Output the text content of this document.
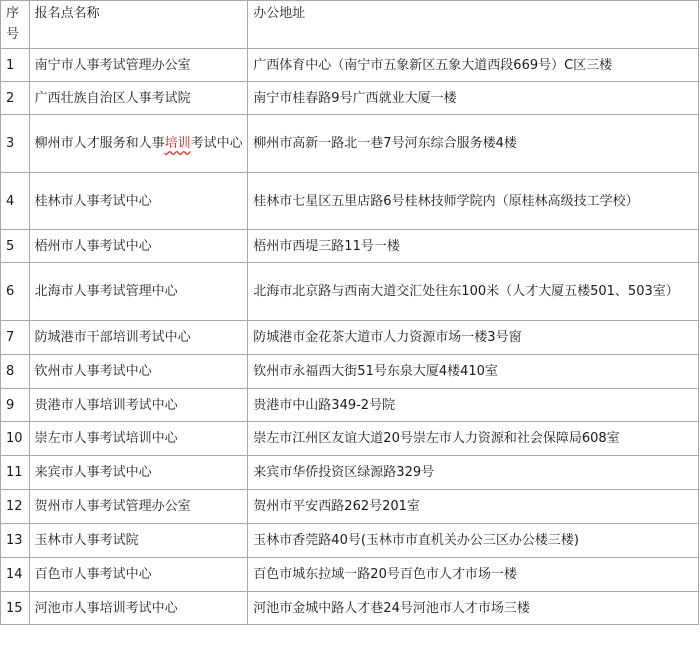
序号	报名点名称	办公地址
1	南宁市人事考试管理办公室	广西体育中心（南宁市五象新区五象大道西段669号）C区三楼
2	广西壮族自治区人事考试院	南宁市桂春路9号广西就业大厦一楼
3	柳州市人才服务和人事培训考试中心	柳州市高新一路北一巷7号河东综合服务楼4楼
4	桂林市人事考试中心	桂林市七星区五里店路6号桂林技师学院内（原桂林高级技工学校）
5	梧州市人事考试中心	梧州市西堤三路11号一楼
6	北海市人事考试管理中心	北海市北京路与西南大道交汇处往东100米（人才大厦五楼501、503室）
7	防城港市干部培训考试中心	防城港市金花茶大道市人力资源市场一楼3号窗
8	钦州市人事考试中心	钦州市永福西大街51号东泉大厦4楼410室
9	贵港市人事培训考试中心	贵港市中山路349-2号院
10	崇左市人事考试培训中心	崇左市江州区友谊大道20号崇左市人力资源和社会保障局608室
11	来宾市人事考试中心	来宾市华侨投资区绿源路329号
12	贺州市人事考试管理办公室	贺州市平安西路262号201室
13	玉林市人事考试院	玉林市香莞路40号(玉林市市直机关办公三区办公楼三楼)
14	百色市人事考试中心	百色市城东拉域一路20号百色市人才市场一楼
15	河池市人事培训考试中心	河池市金城中路人才巷24号河池市人才市场三楼
